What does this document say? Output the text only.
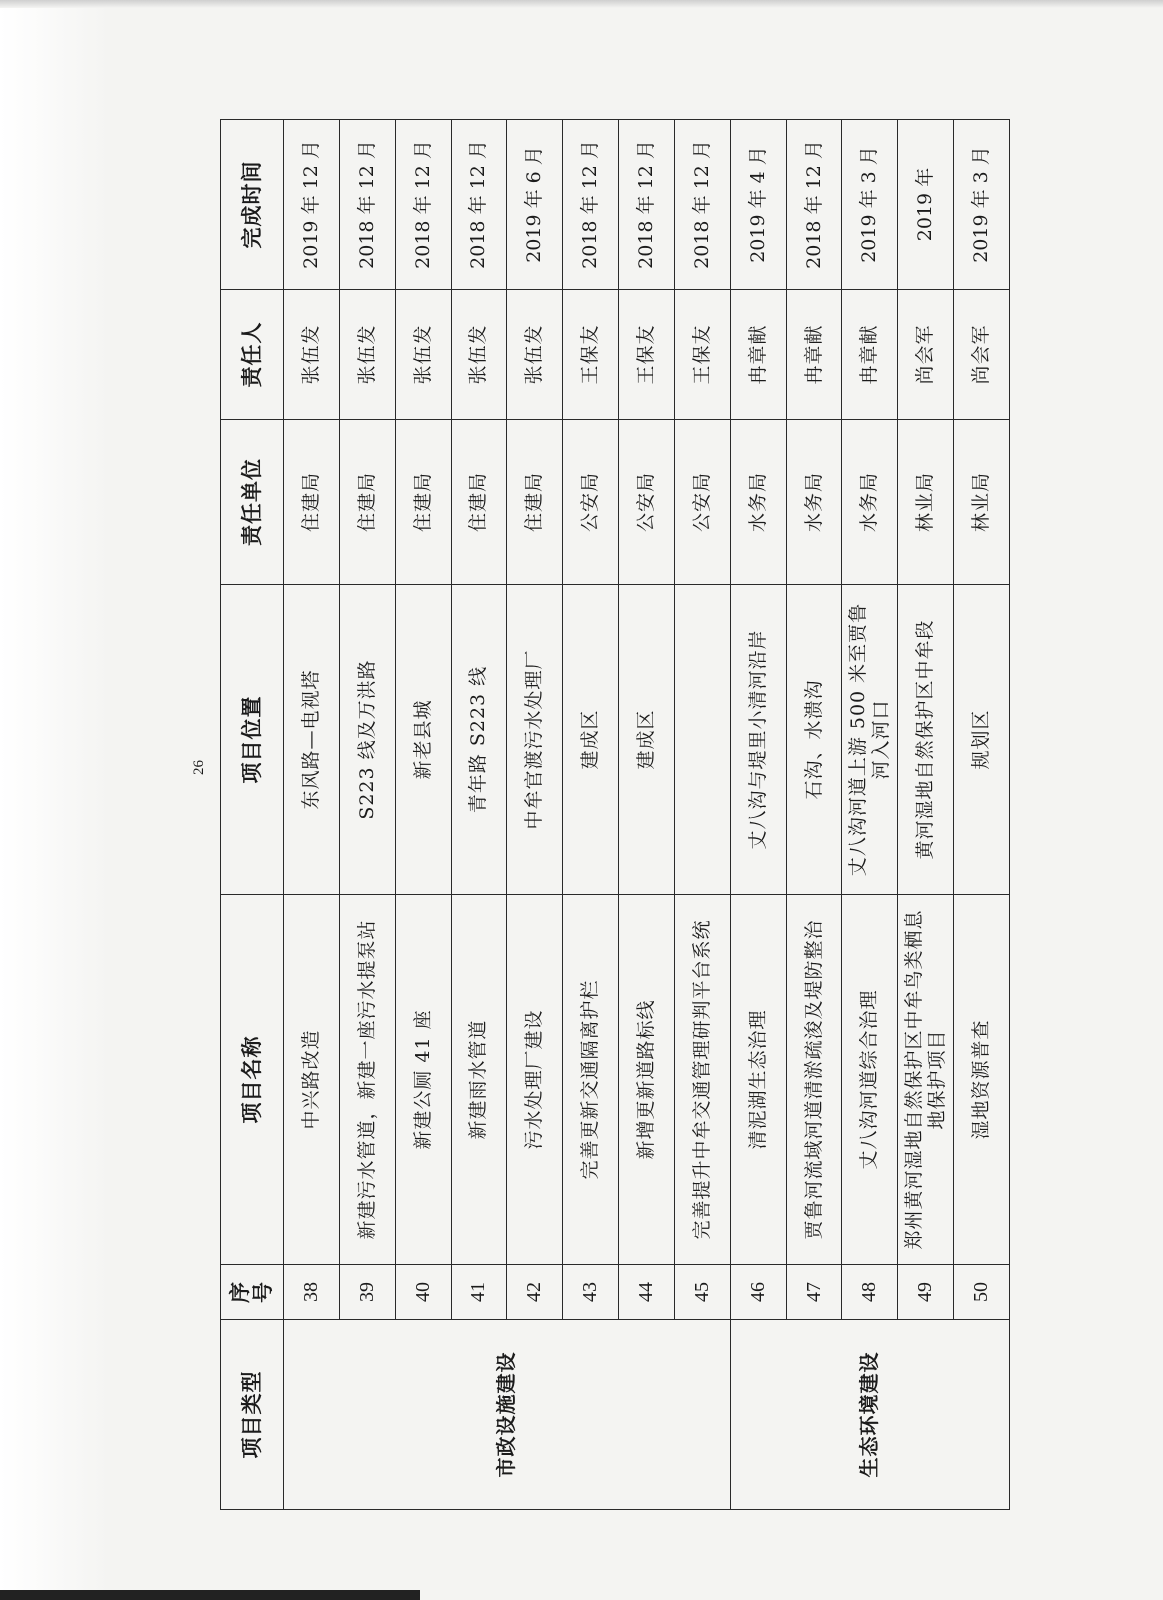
26
项目类型	序号	项目名称	项目位置	责任单位	责任人	完成时间
市政设施建设	38	中兴路改造	东风路—电视塔	住建局	张伍发	2019 年 12 月
	39	新建污水管道，新建一座污水提泵站	S223 线及万洪路	住建局	张伍发	2018 年 12 月
	40	新建公厕 41 座	新老县城	住建局	张伍发	2018 年 12 月
	41	新建雨水管道	青年路 S223 线	住建局	张伍发	2018 年 12 月
	42	污水处理厂建设	中牟官渡污水处理厂	住建局	张伍发	2019 年 6 月
	43	完善更新交通隔离护栏	建成区	公安局	王保友	2018 年 12 月
	44	新增更新道路标线	建成区	公安局	王保友	2018 年 12 月
	45	完善提升中牟交通管理研判平台系统		公安局	王保友	2018 年 12 月
生态环境建设	46	清泥湖生态治理	丈八沟与堤里小清河沿岸	水务局	冉章献	2019 年 4 月
	47	贾鲁河流域河道清淤疏浚及堤防整治	石沟、水溃沟	水务局	冉章献	2018 年 12 月
	48	丈八沟河道综合治理	丈八沟河道上游 500 米至贾鲁河入河口	水务局	冉章献	2019 年 3 月
	49	郑州黄河湿地自然保护区中牟鸟类栖息地保护项目	黄河湿地自然保护区中牟段	林业局	尚会军	2019 年
	50	湿地资源普查	规划区	林业局	尚会军	2019 年 3 月
